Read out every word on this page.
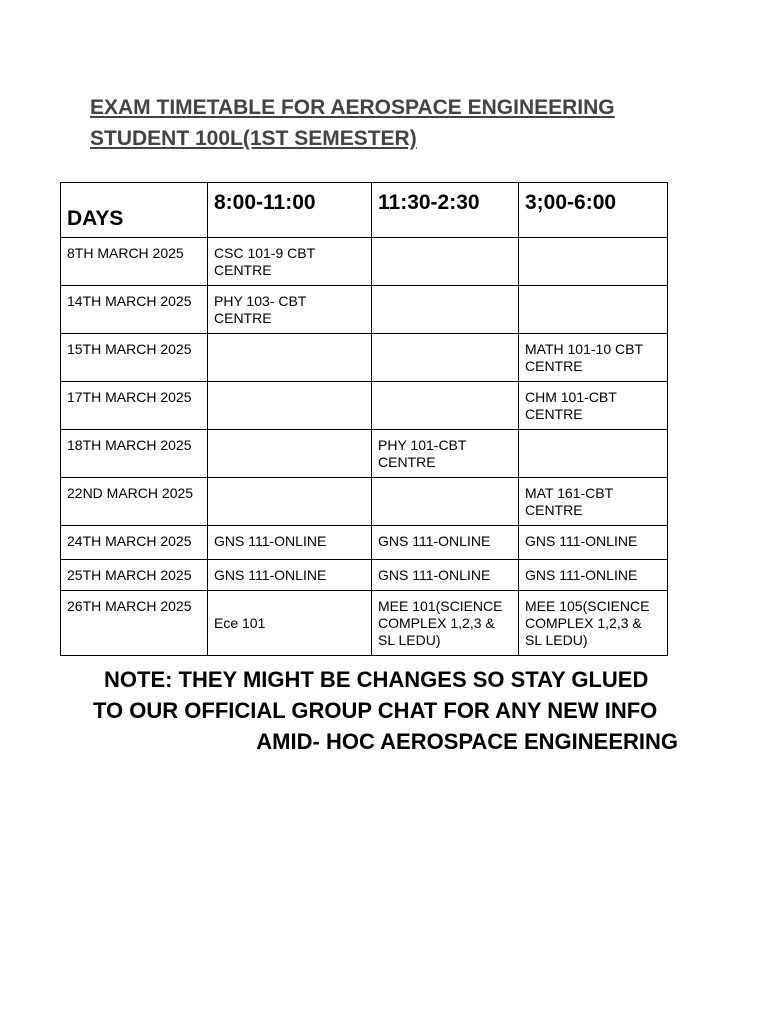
EXAM TIMETABLE FOR AEROSPACE ENGINEERING
STUDENT 100L(1ST SEMESTER)
DAYS	8:00-11:00	11:30-2:30	3;00-6:00
8TH MARCH 2025	CSC 101-9 CBT CENTRE		
14TH MARCH 2025	PHY 103- CBT CENTRE		
15TH MARCH 2025			MATH 101-10 CBT CENTRE
17TH MARCH 2025			CHM 101-CBT CENTRE
18TH MARCH 2025		PHY 101-CBT CENTRE	
22ND MARCH 2025			MAT 161-CBT CENTRE
24TH MARCH 2025	GNS 111-ONLINE	GNS 111-ONLINE	GNS 111-ONLINE
25TH MARCH 2025	GNS 111-ONLINE	GNS 111-ONLINE	GNS 111-ONLINE
26TH MARCH 2025	Ece 101	MEE 101(SCIENCE COMPLEX 1,2,3 & SL LEDU)	MEE 105(SCIENCE COMPLEX 1,2,3 & SL LEDU)
NOTE: THEY MIGHT BE CHANGES SO STAY GLUED
TO OUR OFFICIAL GROUP CHAT FOR ANY NEW INFO
AMID- HOC AEROSPACE ENGINEERING
